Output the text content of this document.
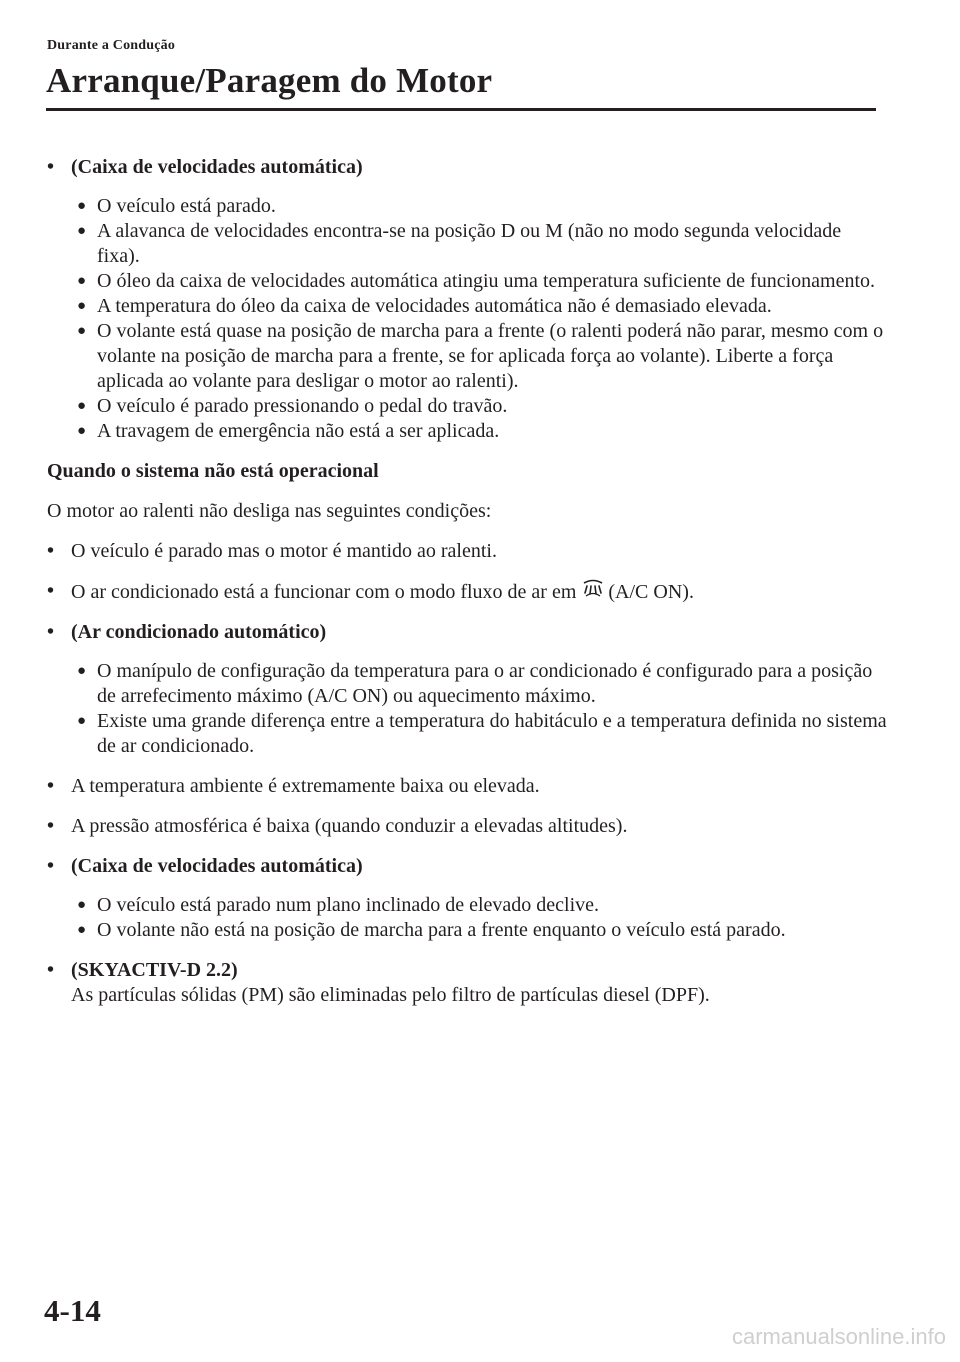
Durante a Condução
Arranque/Paragem do Motor
• (Caixa de velocidades automática)
● O veículo está parado.
● A alavanca de velocidades encontra-se na posição D ou M (não no modo segunda velocidade fixa).
● O óleo da caixa de velocidades automática atingiu uma temperatura suficiente de funcionamento.
● A temperatura do óleo da caixa de velocidades automática não é demasiado elevada.
● O volante está quase na posição de marcha para a frente (o ralenti poderá não parar, mesmo com o volante na posição de marcha para a frente, se for aplicada força ao volante). Liberte a força aplicada ao volante para desligar o motor ao ralenti).
● O veículo é parado pressionando o pedal do travão.
● A travagem de emergência não está a ser aplicada.

Quando o sistema não está operacional

O motor ao ralenti não desliga nas seguintes condições:

• O veículo é parado mas o motor é mantido ao ralenti.
• O ar condicionado está a funcionar com o modo fluxo de ar em (A/C ON).
• (Ar condicionado automático)
● O manípulo de configuração da temperatura para o ar condicionado é configurado para a posição de arrefecimento máximo (A/C ON) ou aquecimento máximo.
● Existe uma grande diferença entre a temperatura do habitáculo e a temperatura definida no sistema de ar condicionado.
• A temperatura ambiente é extremamente baixa ou elevada.
• A pressão atmosférica é baixa (quando conduzir a elevadas altitudes).
• (Caixa de velocidades automática)
● O veículo está parado num plano inclinado de elevado declive.
● O volante não está na posição de marcha para a frente enquanto o veículo está parado.
• (SKYACTIV-D 2.2)
As partículas sólidas (PM) são eliminadas pelo filtro de partículas diesel (DPF).
4-14
carmanualsonline.info
